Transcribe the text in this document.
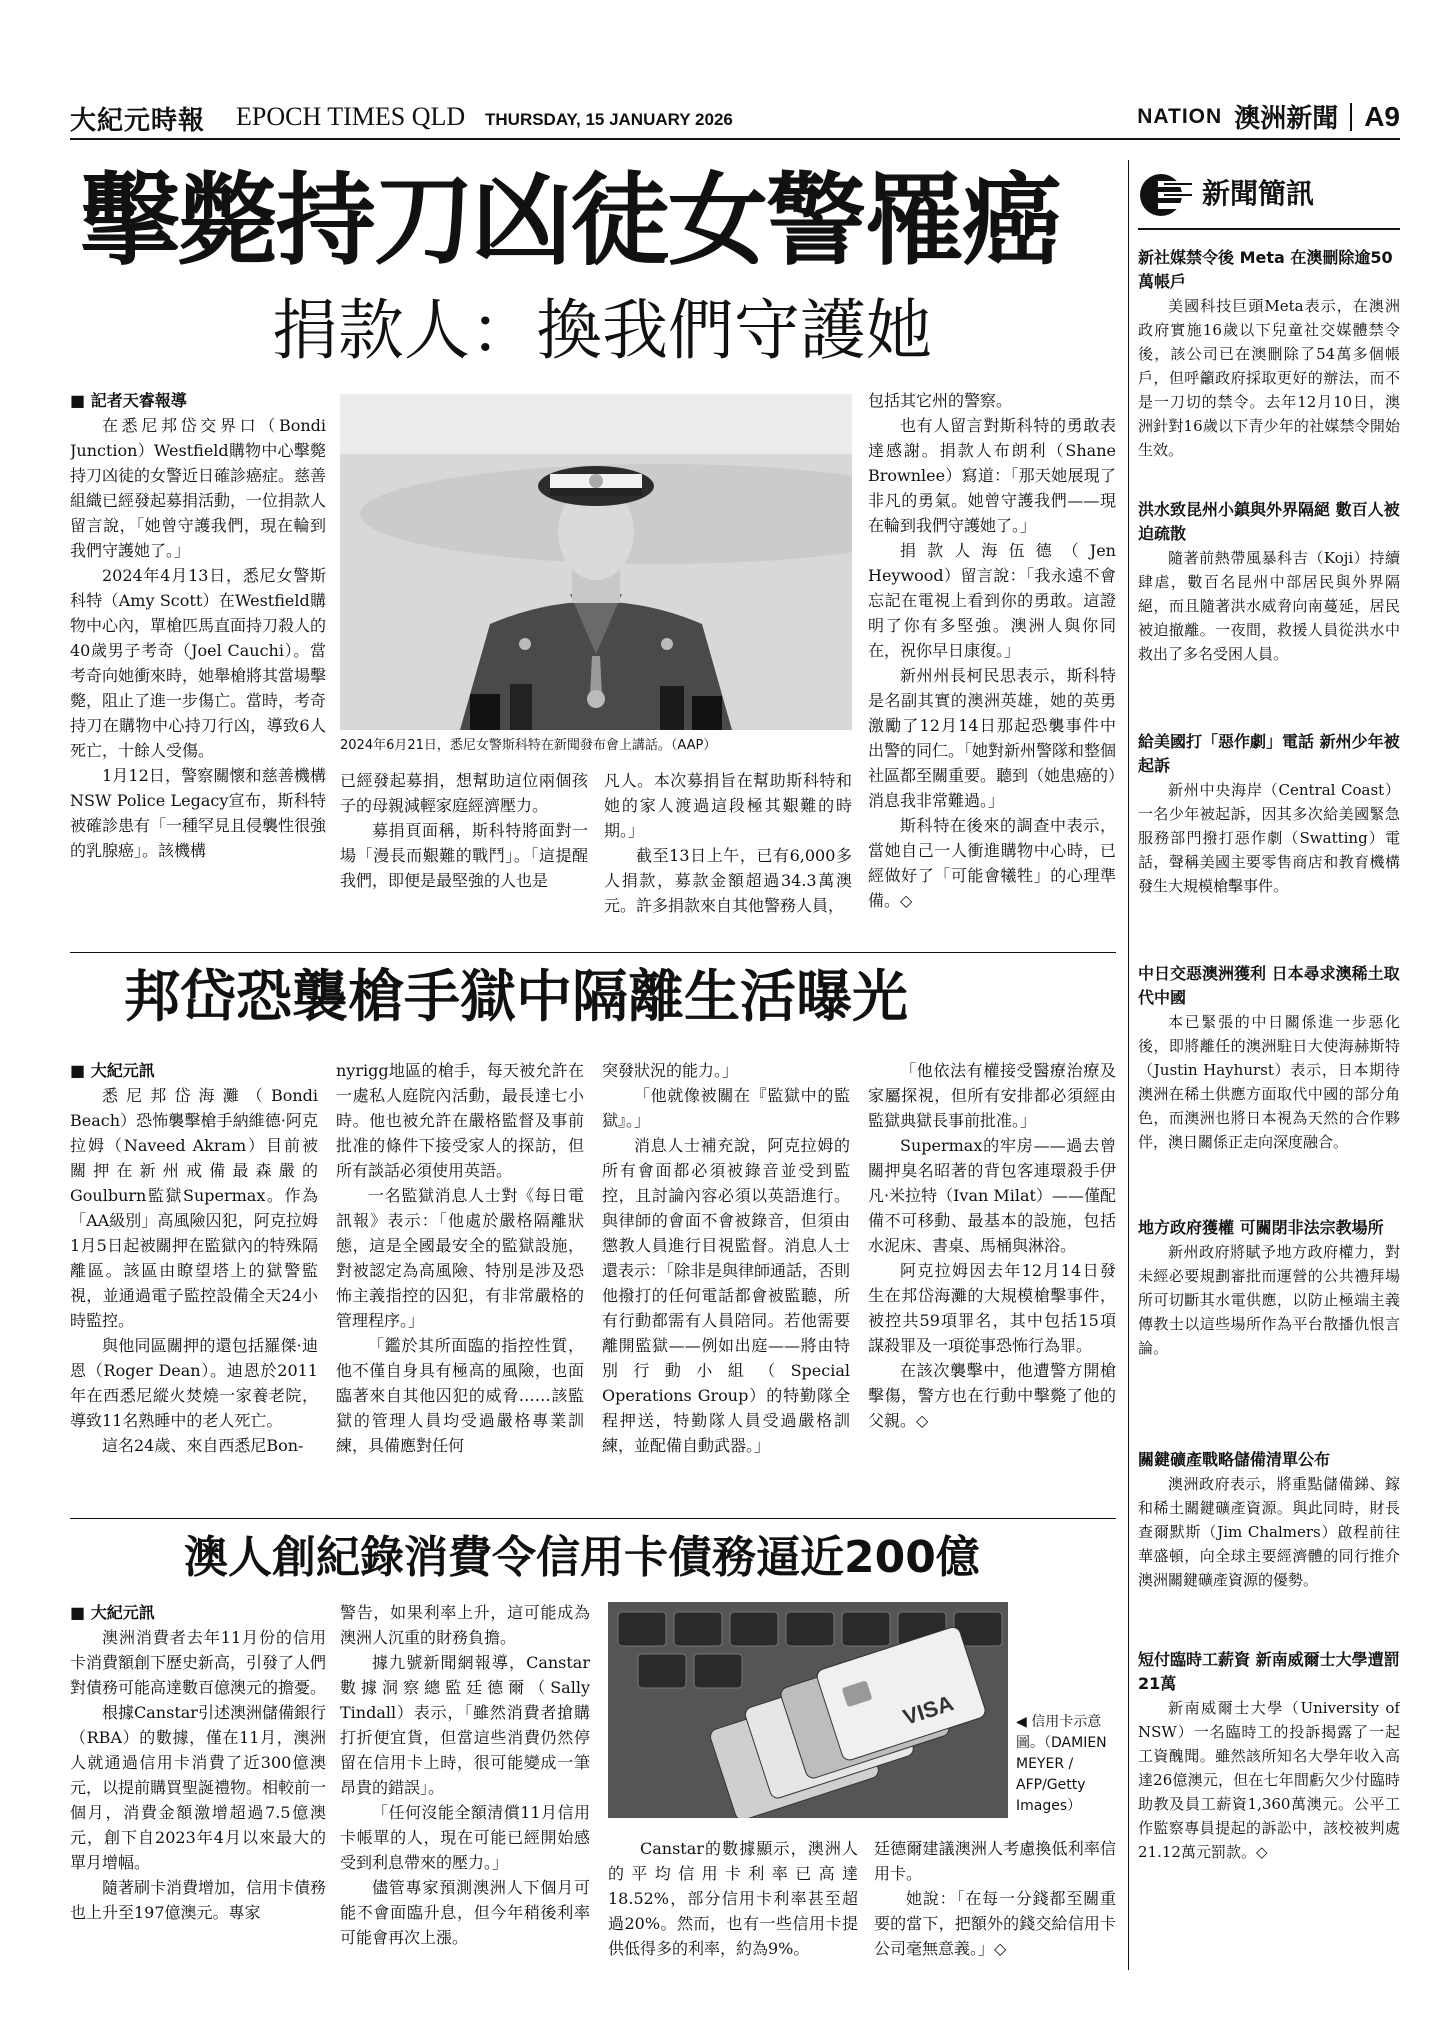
大紀元時報 EPOCH TIMES QLD THURSDAY, 15 JANUARY 2026	NATION 澳洲新聞 A9
擊斃持刀凶徒女警罹癌
捐款人：換我們守護她
■ 記者天睿報導

在悉尼邦岱交界口（Bondi Junction）Westfield購物中心擊斃持刀凶徒的女警近日確診癌症。慈善組織已經發起募捐活動，一位捐款人留言說，「她曾守護我們，現在輪到我們守護她了。」

2024年4月13日，悉尼女警斯科特（Amy Scott）在Westfield購物中心內，單槍匹馬直面持刀殺人的40歲男子考奇（Joel Cauchi）。當考奇向她衝來時，她舉槍將其當場擊斃，阻止了進一步傷亡。當時，考奇持刀在購物中心持刀行凶，導致6人死亡，十餘人受傷。

1月12日，警察關懷和慈善機構NSW Police Legacy宣布，斯科特被確診患有「一種罕見且侵襲性很強的乳腺癌」。該機構

2024年6月21日，悉尼女警斯科特在新聞發布會上講話。（AAP）

已經發起募捐，想幫助這位兩個孩子的母親減輕家庭經濟壓力。

募捐頁面稱，斯科特將面對一場「漫長而艱難的戰鬥」。「這提醒我們，即便是最堅強的人也是

凡人。本次募捐旨在幫助斯科特和她的家人渡過這段極其艱難的時期。」

截至13日上午，已有6,000多人捐款，募款金額超過34.3萬澳元。許多捐款來自其他警務人員，

包括其它州的警察。

也有人留言對斯科特的勇敢表達感謝。捐款人布朗利（Shane Brownlee）寫道：「那天她展現了非凡的勇氣。她曾守護我們——現在輪到我們守護她了。」

捐款人海伍德（Jen Heywood）留言說：「我永遠不會忘記在電視上看到你的勇敢。這證明了你有多堅強。澳洲人與你同在，祝你早日康復。」

新州州長柯民思表示，斯科特是名副其實的澳洲英雄，她的英勇激勵了12月14日那起恐襲事件中出警的同仁。「她對新州警隊和整個社區都至關重要。聽到（她患癌的）消息我非常難過。」

斯科特在後來的調查中表示，當她自己一人衝進購物中心時，已經做好了「可能會犧牲」的心理準備。◇

邦岱恐襲槍手獄中隔離生活曝光
■ 大紀元訊

悉尼邦岱海灘（Bondi Beach）恐怖襲擊槍手納維德·阿克拉姆（Naveed Akram）目前被關押在新州戒備最森嚴的Goulburn監獄Supermax。作為「AA級別」高風險囚犯，阿克拉姆1月5日起被關押在監獄內的特殊隔離區。該區由瞭望塔上的獄警監視，並通過電子監控設備全天24小時監控。

與他同區關押的還包括羅傑·迪恩（Roger Dean）。迪恩於2011年在西悉尼縱火焚燒一家養老院，導致11名熟睡中的老人死亡。

這名24歲、來自西悉尼Bon-

nyrigg地區的槍手，每天被允許在一處私人庭院內活動，最長達七小時。他也被允許在嚴格監督及事前批准的條件下接受家人的探訪，但所有談話必須使用英語。

一名監獄消息人士對《每日電訊報》表示：「他處於嚴格隔離狀態，這是全國最安全的監獄設施，對被認定為高風險、特別是涉及恐怖主義指控的囚犯，有非常嚴格的管理程序。」

「鑑於其所面臨的指控性質，他不僅自身具有極高的風險，也面臨著來自其他囚犯的威脅……該監獄的管理人員均受過嚴格專業訓練，具備應對任何

突發狀況的能力。」

「他就像被關在『監獄中的監獄』。」

消息人士補充說，阿克拉姆的所有會面都必須被錄音並受到監控，且討論內容必須以英語進行。與律師的會面不會被錄音，但須由懲教人員進行目視監督。消息人士還表示：「除非是與律師通話，否則他撥打的任何電話都會被監聽，所有行動都需有人員陪同。若他需要離開監獄——例如出庭——將由特別行動小組（Special Operations Group）的特勤隊全程押送，特勤隊人員受過嚴格訓練，並配備自動武器。」

「他依法有權接受醫療治療及家屬探視，但所有安排都必須經由監獄典獄長事前批准。」

Supermax的牢房——過去曾關押臭名昭著的背包客連環殺手伊凡·米拉特（Ivan Milat）——僅配備不可移動、最基本的設施，包括水泥床、書桌、馬桶與淋浴。

阿克拉姆因去年12月14日發生在邦岱海灘的大規模槍擊事件，被控共59項罪名，其中包括15項謀殺罪及一項從事恐怖行為罪。

在該次襲擊中，他遭警方開槍擊傷，警方也在行動中擊斃了他的父親。◇

澳人創紀錄消費令信用卡債務逼近200億
■ 大紀元訊

澳洲消費者去年11月份的信用卡消費額創下歷史新高，引發了人們對債務可能高達數百億澳元的擔憂。

根據Canstar引述澳洲儲備銀行（RBA）的數據，僅在11月，澳洲人就通過信用卡消費了近300億澳元，以提前購買聖誕禮物。相較前一個月，消費金額激增超過7.5億澳元，創下自2023年4月以來最大的單月增幅。

隨著刷卡消費增加，信用卡債務也上升至197億澳元。專家

警告，如果利率上升，這可能成為澳洲人沉重的財務負擔。

據九號新聞網報導，Canstar數據洞察總監廷德爾（Sally Tindall）表示，「雖然消費者搶購打折便宜貨，但當這些消費仍然停留在信用卡上時，很可能變成一筆昂貴的錯誤」。

「任何沒能全額清償11月信用卡帳單的人，現在可能已經開始感受到利息帶來的壓力。」

儘管專家預測澳洲人下個月可能不會面臨升息，但今年稍後利率可能會再次上漲。

VISA	◀ 信用卡示意圖。（DAMIEN MEYER / AFP/Getty Images）

Canstar的數據顯示，澳洲人的平均信用卡利率已高達18.52%，部分信用卡利率甚至超過20%。然而，也有一些信用卡提供低得多的利率，約為9%。

廷德爾建議澳洲人考慮換低利率信用卡。

她說：「在每一分錢都至關重要的當下，把額外的錢交給信用卡公司毫無意義。」◇

新聞簡訊
新社媒禁令後 Meta 在澳刪除逾50萬帳戶

美國科技巨頭Meta表示，在澳洲政府實施16歲以下兒童社交媒體禁令後，該公司已在澳刪除了54萬多個帳戶，但呼籲政府採取更好的辦法，而不是一刀切的禁令。去年12月10日，澳洲針對16歲以下青少年的社媒禁令開始生效。

洪水致昆州小鎮與外界隔絕 數百人被迫疏散

隨著前熱帶風暴科吉（Koji）持續肆虐，數百名昆州中部居民與外界隔絕，而且隨著洪水威脅向南蔓延，居民被迫撤離。一夜間，救援人員從洪水中救出了多名受困人員。

給美國打「惡作劇」電話 新州少年被起訴

新州中央海岸（Central Coast）一名少年被起訴，因其多次給美國緊急服務部門撥打惡作劇（Swatting）電話，聲稱美國主要零售商店和教育機構發生大規模槍擊事件。

中日交惡澳洲獲利 日本尋求澳稀土取代中國

本已緊張的中日關係進一步惡化後，即將離任的澳洲駐日大使海赫斯特（Justin Hayhurst）表示，日本期待澳洲在稀土供應方面取代中國的部分角色，而澳洲也將日本視為天然的合作夥伴，澳日關係正走向深度融合。

地方政府獲權 可關閉非法宗教場所

新州政府將賦予地方政府權力，對未經必要規劃審批而運營的公共禮拜場所可切斷其水電供應，以防止極端主義傳教士以這些場所作為平台散播仇恨言論。

關鍵礦產戰略儲備清單公布

澳洲政府表示，將重點儲備銻、鎵和稀土關鍵礦產資源。與此同時，財長查爾默斯（Jim Chalmers）啟程前往華盛頓，向全球主要經濟體的同行推介澳洲關鍵礦產資源的優勢。

短付臨時工薪資 新南威爾士大學遭罰21萬

新南威爾士大學（University of NSW）一名臨時工的投訴揭露了一起工資醜聞。雖然該所知名大學年收入高達26億澳元，但在七年間虧欠少付臨時助教及員工薪資1,360萬澳元。公平工作監察專員提起的訴訟中，該校被判處21.12萬元罰款。◇
